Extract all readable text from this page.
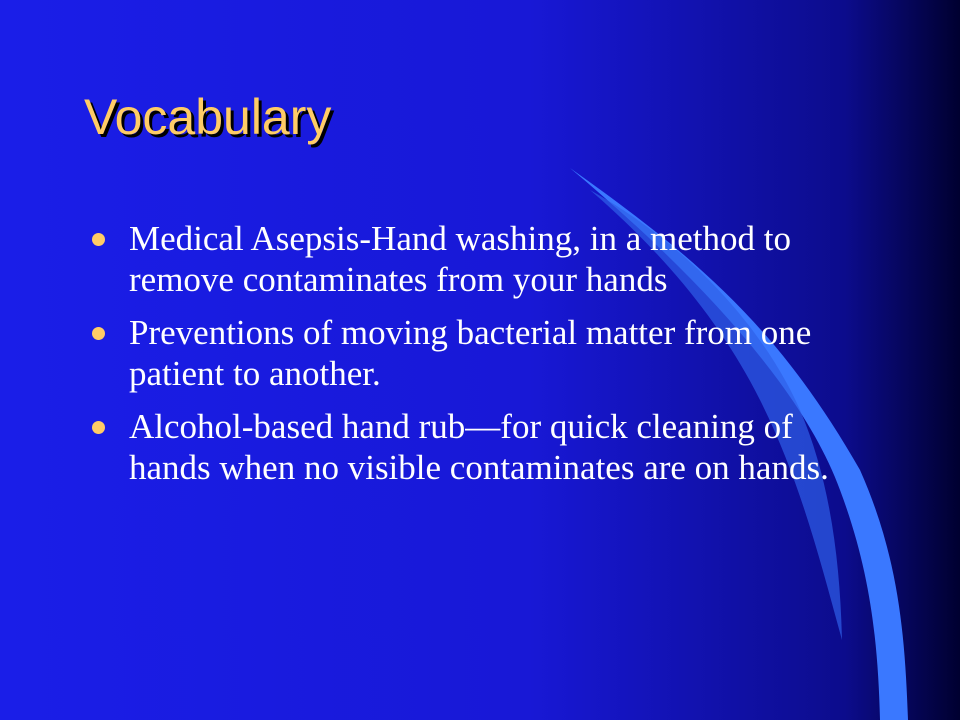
Vocabulary
Medical Asepsis-Hand washing, in a method to remove contaminates from your hands
Preventions of moving bacterial matter from one patient to another.
Alcohol-based hand rub—for quick cleaning of hands when no visible contaminates are on hands.
